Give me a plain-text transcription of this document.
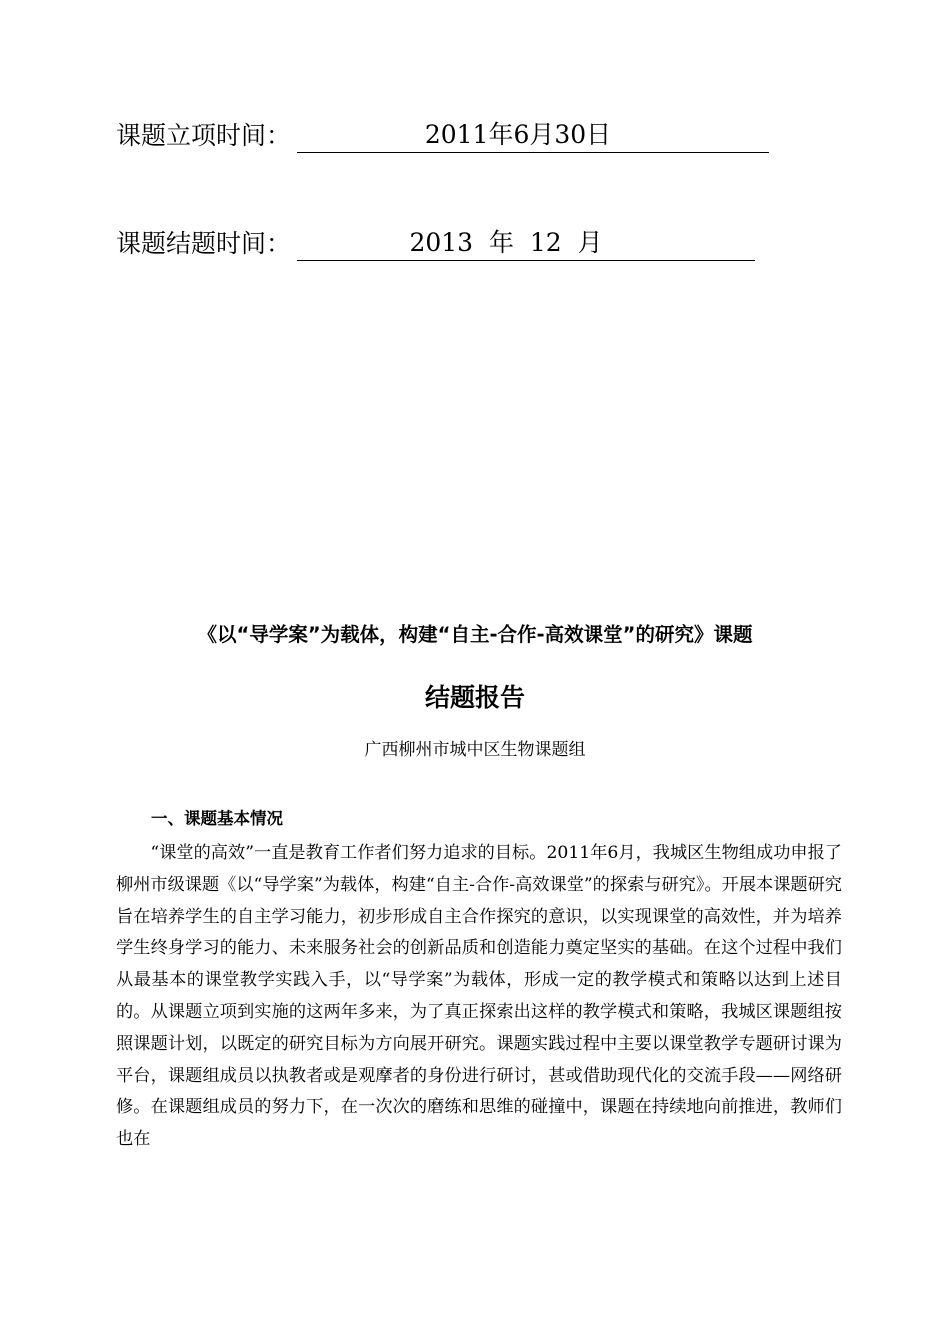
课题立项时间：	2011年6月30日
课题结题时间：	2013  年  12  月
《以“导学案”为载体，构建“自主-合作-高效课堂”的研究》课题
结题报告
广西柳州市城中区生物课题组
一、课题基本情况

“课堂的高效”一直是教育工作者们努力追求的目标。2011年6月，我城区生物组成功申报了柳州市级课题《以“导学案”为载体，构建“自主-合作-高效课堂”的探索与研究》。开展本课题研究旨在培养学生的自主学习能力，初步形成自主合作探究的意识，以实现课堂的高效性，并为培养学生终身学习的能力、未来服务社会的创新品质和创造能力奠定坚实的基础。在这个过程中我们从最基本的课堂教学实践入手，以“导学案”为载体，形成一定的教学模式和策略以达到上述目的。从课题立项到实施的这两年多来，为了真正探索出这样的教学模式和策略，我城区课题组按照课题计划，以既定的研究目标为方向展开研究。课题实践过程中主要以课堂教学专题研讨课为平台，课题组成员以执教者或是观摩者的身份进行研讨，甚或借助现代化的交流手段——网络研修。在课题组成员的努力下，在一次次的磨练和思维的碰撞中，课题在持续地向前推进，教师们也在
